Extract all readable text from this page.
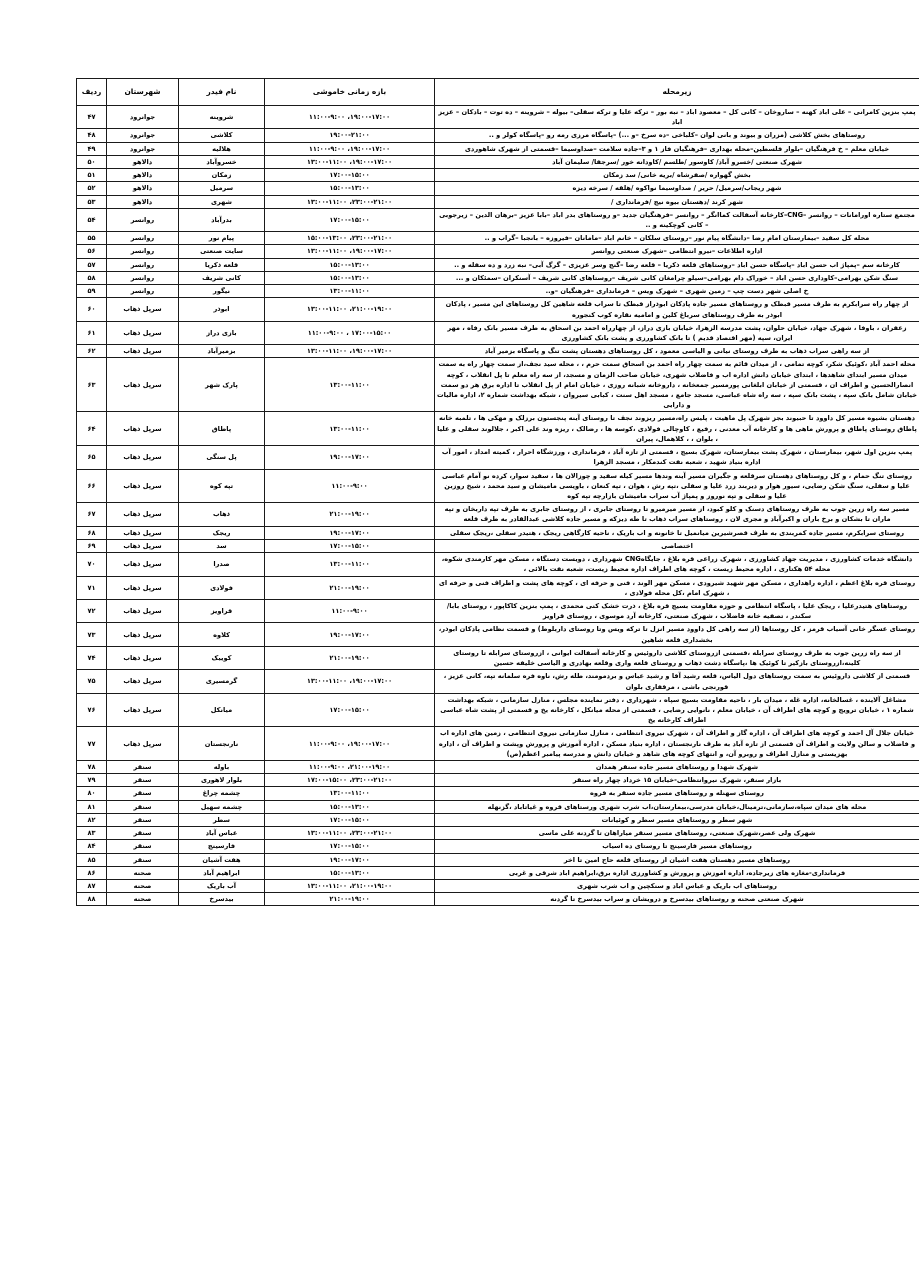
زیرمحله	بازه زمانی خاموشی	نام فیدر	شهرستان	ردیف
پمپ بنزین کامرانی – علی اباد کهنه – ساروخان – کانی کل – معصود اباد – نبه بور – ترکه علیا و ترکه سفلی– بیوله – شروینه – ده توت – بادکان – عزیز اباد	۱۹:۰۰-۱۷:۰۰، ۱۱:۰۰-۹:۰۰	شروینه	جوانرود	۴۷
روستاهای بخش کلاشی (مزران و بیوند و بانی لوان –کلباخی –ده سرخ –و ...) –پاسگاه مرزی رمه رو –پاسگاه کولر و ..	۱۹:۰۰-۲۱:۰۰	کلاشی	جوانرود	۴۸
خیابان معلم – خ فرهنگیان –بلوار فلسطین–محله بهداری –فرهنگیان فاز ۱ و ۳–جاده سلامت –صداوسیما –قسمتی از شهرک شاهوردی	۱۹:۰۰-۱۷:۰۰، ۱۱:۰۰-۹:۰۰	هلالیه	جوانرود	۴۹
شهرک صنعتی /خسرو آباد/ کاوسور /طلسم /کاودانه خور /سرجفا/ سلیمان آباد	۱۹:۰۰-۱۷:۰۰، ۱۳:۰۰-۱۱:۰۰	خسروآباد	دالاهو	۵۰
بخش گهواره /صفرشاه /بریه خانی/ سد زمکان	۱۷:۰۰-۱۵:۰۰	زمکان	دالاهو	۵۱
شهر ریجاب/سرمیل/ حریر / صداوسیما نواکوه /هلقه / سرخه دیزه	۱۵:۰۰-۱۳:۰۰	سرمیل	دالاهو	۵۲
شهر کرند /دهستان بیوه نیج /فرمانداری /	۲۳:۰۰-۲۱:۰۰، ۱۳:۰۰-۱۱:۰۰	شهری	دالاهو	۵۳
مجتمع ستاره اورامانات – روانسر –CNG–کارخانه آسفالت کماانگر – روانسر –فرهنگیان جدید –و روستاهای بدر اباد –بابا عزیز –برهان الدین – زیرجوبی – کانی کوچکینه و ..	۱۷:۰۰-۱۵:۰۰	بدرآباد	روانسر	۵۴
محله کل سفید –بیمارستان امام رضا –دانشگاه پیام نور –روستای سلکان – خانم اباد –مامانان –فیروزه – بانجبا –گراب و ..	۲۳:۰۰-۲۱:۰۰، ۱۵:۰۰-۱۳:۰۰	پیام نور	روانسر	۵۵
اداره اطلاعات –نیرو انتظامی –شهرک صنعتی روانسر	۱۹:۰۰-۱۷:۰۰، ۱۳:۰۰-۱۱:۰۰	سایت صنعتی	روانسر	۵۶
کارخانه سم –پمپاژ اب حسن اباد –پاسگاه حسن اباد –روستاهای قلعه ذکریا – قلعه رضا –گنج وسر عزیزی – گرگ آبی– نبه زرد و ده سفله و ..	۱۵:۰۰-۱۳:۰۰	قلعه ذکریا	روانسر	۵۷
سنگ شکن بهرامی–کاوداری حسن اباد – خوراک دام بهرامی–سیلو چرامغان کانی شریف –روستاهای کانی شریف – آسنکران –سمئکان و ...	۱۵:۰۰-۱۳:۰۰	کانی شریف	روانسر	۵۸
خ اصلی شهر دست چپ – زمین شهری – شهرک ویس – فرمانداری –فرهنگیان –و..	۱۳:۰۰-۱۱:۰۰	نیگور	روانسر	۵۹
از چهار راه سرابکرم به طرف مسیر قبطک و روستاهای مسیر جاده پادکان ابوذراز قبطک تا سراب قلعه شاهین کل روستاهای این مسیر ، پادکان ابوذر به طرف روستاهای سرباغ کلین و امامیه نقاره کوب کنجوره	۲۱:۰۰-۱۹:۰۰، ۱۳:۰۰-۱۱:۰۰	ابوذر	سرپل ذهاب	۶۰
زعفران ، باوفا ، شهرک جهاد، خیابان حلوان، پشت مدرسه الزهرا، خیابان بازی دراز، از چهارراه احمد بن اسحاق به طرف مسیر بانک رفاه ، مهر ایران، سپه (مهر اقتصاد قدیم ) تا بانک کشاورزی و پشت بانک کشاورزی	۱۷:۰۰-۱۵:۰۰ ، ۱۱:۰۰-۹:۰۰	بازی دراز	سرپل ذهاب	۶۱
از سه راهی سراب ذهاب به طرف روستای نیانی و الیاسی معمود ، کل روستاهای دهستان پشت تنگ و پاسگاه بزمیر آباد	۱۹:۰۰-۱۷:۰۰، ۱۳:۰۰-۱۱:۰۰	بزمیرآباد	سرپل ذهاب	۶۲
محله احمد آباد ،کوئیک شکر، کوچه تمامی ، از میدان قائم به سمت چهار راه احمد بن اسحاق سمت حرم ، ، محله سید نجف،از سمت چهار راه به سمت میدان مسیر ابتدای شاهدها ، ابتدای خیابان دانش اداره اب و فاضلاب شهری، خیابان صاحب الزمان و مسجد، از سه راه معلم تا پل انقلاب ، کوچه انصارالحسین و اطراف ان ، قسمتی از خیابان ابلغانی پورمسیر جمعخانه ، داروخانه شبانه روزی ، خیابان امام از پل انقلاب تا اداره برق هر دو سمت خیابان شامل بانک سپه ، پشت بانک سپه ، سه راه شاه عباسی، مسجد جامع ، مسجد اهل سنت ، کبابی سیروان ، شبکه بهداشت شماره ۲، اداره مالیات و دارایی	۱۳:۰۰-۱۱:۰۰	پارک شهر	سرپل ذهاب	۶۳
دهستان بشیوه مسیر کل داوود تا حبیوند بجز شهرک پل ماهیت ، پلیس راه،مسیر ریزوند نجف تا روستای آینه پنجستون برزلک و مهکی ها ، تلمبه خانه پاطاق روستای پاطاق و پرورش ماهی ها و کارخانه آب معدنی ، رفیع ، کاوچالی فولادی ،کوسه ها ، رضالک ، ریزه وند علی اکبر ، جلالوند سفلی و علیا ، بلوان ، ، کلاهمال، پیران	۱۳:۰۰-۱۱:۰۰	پاطاق	سرپل ذهاب	۶۴
پمپ بنزین اول شهر، بیمارستان ، شهرک پشت بیمارستان، شهرک بسیج ، قسمتی از تازه آباد ، فرمانداری ، ورزشگاه احرار ، کمیته امداد ، امور آب اداره بنیاد شهید ، شعبه نفت کندمکار ، مسجد الزهرا	۱۹:۰۰-۱۷:۰۰	پل سنگی	سرپل ذهاب	۶۵
روستای تنگ حمام ، و کل روستاهای دهستان سرقلعه و جگیران مسیر آینه وندها مسیر کیله سفید و چوزالان ها ، سفید سوار، کرده نو آمام عباسی علیا و سفلی، سنگ شکن رضایی، سیور هوار و دیربند زرد علیا و سفلی ،تپه رش ، هوان ، تپه کنعان ، باویسی مامیشان و سید محمد ، شیخ روزبن علیا و سفلی و تپه نوروز و پمپاژ آب سراب مامیشان بازارچه تپه کوه	۱۱:۰۰-۹:۰۰	تپه کوه	سرپل ذهاب	۶۶
مسیر سه راه زرین جوب به طرف روستاهای دسنک و کلو کبود، از مسیر میرمیرو تا روستای جابری ، از روستای جابری به طرف تپه داربخان و تپه ماران تا بشکان و برخ باران و اکبرآباد و مجری لان ، روستاهای سراب ذهاب تا طه دیزکه و مسیر جاده کلاشی عبدالقادر به طرف قلعه	۲۱:۰۰-۱۹:۰۰	ذهاب	سرپل ذهاب	۶۷
روستای سرابکرم، مسیر جاده کمربندی به طرف قصرشیرین میانمیل تا خانونه و اب باریک ، ناحیه کارگاهی ریجک ، هتیدر سفلی ،ریجک سفلی	۱۹:۰۰-۱۷:۰۰	ریجک	سرپل ذهاب	۶۸
اختصاصی	۱۷:۰۰-۱۵:۰۰	سد	سرپل ذهاب	۶۹
دانشگاه خدمات کشاورزی ، مدیریت جهاد کشاورزی ، شهرک زراعی قره بلاغ ، جایگاهCNG شهرداری ، دویست دستگاه ، مسکن مهر کارمندی شکوه، محله ۵۴ هکتاری ، اداره محیط زیست ، کوچه های اطراف اداره محیط زیست، شعبه نفت بالائی ،	۱۳:۰۰-۱۱:۰۰	صدرا	سرپل ذهاب	۷۰
روستای قره بلاغ اعظم ، اداره راهداری ، مسکن مهر شهید شیرودی ، مسکن مهر الوند ، فنی و حرفه ای ، کوچه های پشت و اطراف فنی و حرفه ای ، شهرک امام ،کل محله فولادی ،	۲۱:۰۰-۱۹:۰۰	فولادی	سرپل ذهاب	۷۱
روستاهای هتیدرعلیا ، ریجک علیا ، پاسگاه انتظامی و حوزه مقاومت بسیج قره بلاغ ، ذرت خشک کنی محمدی ، پمپ بنزین کاکاپور ، روستای بابا/سکندر ، تصفیه خانه فاضلاب ، شهرک صنعتی، کارخانه آرد موسوی ، روستای قراویز	۱۱:۰۰-۹:۰۰	قراویز	سرپل ذهاب	۷۲
روستای عسگر خانی آسیاب قرمز ، کل روستاها (از سه راهی کل داوود مسیر انزل تا ترکه ویس وتا روستای داربلوط) و قسمت نظامی پادکان ابوذر، بخشداری قلعه شاهین	۱۹:۰۰-۱۷:۰۰	کلاوه	سرپل ذهاب	۷۳
از سه راه زرین جوب به طرف روستای سرابله ،قسمتی ازروستای کلاشی داروئیس و کارخانه آسفالت ایوانی ، ازروستای سرابله تا روستای کلینه،ازروستای بازکیر تا کوئیک ها ،پاسگاه دشت ذهاب و روستای قلعه واری وقلعه بهادری و الیاسی خلیفه حسین	۲۱:۰۰-۱۹:۰۰	کوییک	سرپل ذهاب	۷۴
قسمتی از کلاشی داروئیس به سمت روستاهای دول الیاس، قلعه رشید آقا و رشید عباس و بردمومند، طله رش، ناوه فره سلمانه تپه، کانی عزیز ، قورنجی باشی ، مرقفاری بلوان	۱۹:۰۰-۱۷:۰۰، ۱۳:۰۰-۱۱:۰۰	گرمسیری	سرپل ذهاب	۷۵
مشاغل آلاینده ، غسالخانه، اداره غله ، میدان بار ، ناحیه مقاومت بسیج سپاه ، شهرداری ، دفتر نماینده مجلس ، منازل سازمانی ، شبکه بهداشت شماره ۱ ، خیابان ترویج و کوچه های اطراف آن ، خیابان معلم ، نانوایی رضایی ، قسمتی از محله میانکل ، کارخانه یخ و قسمتی از پشت شاه عباسی اطراف کارخانه یخ	۱۷:۰۰-۱۵:۰۰	میانکل	سرپل ذهاب	۷۶
خیابان جلال آل احمد و کوچه های اطراف آن ، اداره گاز و اطراف آن ، شهرک نیروی انتظامی ، منازل سازمانی نیروی انتظامی ، زمین های اداره اب و فاضلاب و سالن ولایت و اطراف آن قسمتی از تازه آباد به طرف نارنجستان ، اداره بنیاد مسکن ، اداره آموزش و پرورش وپشت و اطراف آن ، اداره بهزیستی و منازل اطراف و روبرو آن، و انتهای کوچه های شاهد و خیابان دانش و مدرسه پیامبر اعظم(ص)	۱۹:۰۰-۱۷:۰۰، ۱۱:۰۰-۹:۰۰	نارنجستان	سرپل ذهاب	۷۷
شهرک شهدا و روستاهای مسیر جاده سنقر همدان	۲۱:۰۰-۱۹:۰۰، ۱۱:۰۰-۹:۰۰	باوله	سنقر	۷۸
بازار سنقر، شهرک نیروانتظامی-خیابان ۱۵ خرداد چهار راه سنقر	۲۳:۰۰-۲۱:۰۰، ۱۷:۰۰-۱۵:۰۰	بلوار لاهوری	سنقر	۷۹
روستای سهنله و روستاهای مسیر جاده سنقر به قروه	۱۳:۰۰-۱۱:۰۰	چشمه چراغ	سنقر	۸۰
محله های میدان سپاه،سازمانی،ترمینال،خیابان مدرسی،بیمارستان،اب شرب شهری ورستاهای قروه و غیاتاباد ،گزنهله	۱۵:۰۰-۱۳:۰۰	چشمه سهیل	سنقر	۸۱
شهر سطر و روستاهای مسیر سطر و کوئیانات	۱۷:۰۰-۱۵:۰۰	سطر	سنقر	۸۲
شهرک ولی عصر،شهرک صنعتی، روستاهای مسیر سنقر میاراهان تا گردنه علی ماسی	۲۳:۰۰-۲۱:۰۰، ۱۳:۰۰-۱۱:۰۰	عباس آباد	سنقر	۸۳
روستاهای مسیر فارسینج تا روستای ده اسیاب	۱۷:۰۰-۱۵:۰۰	فارسینج	سنقر	۸۴
روستاهای مسیر دهستان هفت اشیان از روستای قلعه حاج امین تا اخر	۱۹:۰۰-۱۷:۰۰	هفت آشیان	سنقر	۸۵
فرمانداری-مغازه های زیرجاده، اداره اموزش و پرورش و کشاورزی اداره برق،ابراهیم اباد شرقی و غربی	۱۵:۰۰-۱۳:۰۰	ابراهیم آباد	صحنه	۸۶
روستاهای اب باریک و عباس اباد و سنکچین و اب شرب شهری	۲۱:۰۰-۱۹:۰۰، ۱۳:۰۰-۱۱:۰۰	آب باریک	صحنه	۸۷
شهرک صنعتی صحنه و روستاهای بیدسرخ و درویشان و سراب بیدسرخ تا گردنه	۲۱:۰۰-۱۹:۰۰	بیدسرخ	صحنه	۸۸
